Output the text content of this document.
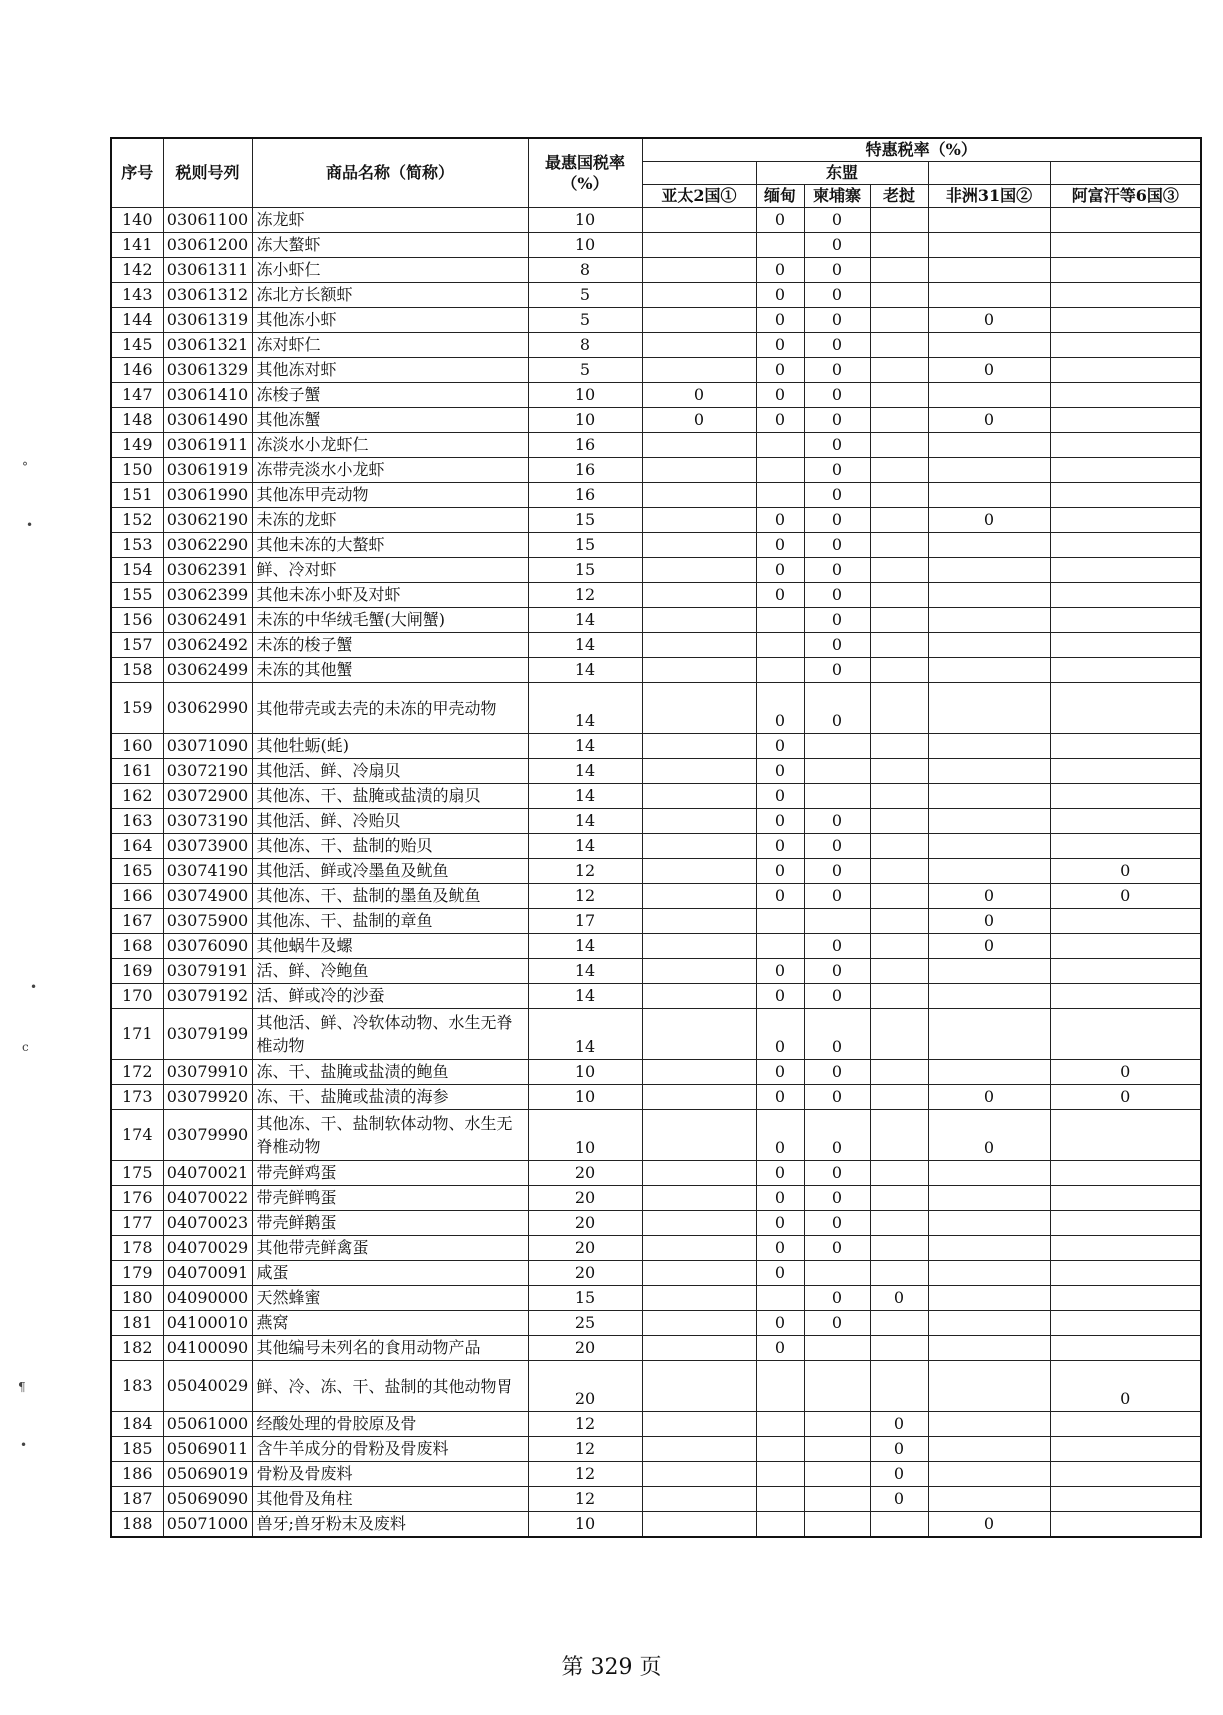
序号	税则号列	商品名称（简称）	最惠国税率（%）	特惠税率（%）					
					东盟				
				亚太2国①	缅甸	柬埔寨	老挝	非洲31国②	阿富汗等6国③
140	03061100	冻龙虾	10		0	0			
141	03061200	冻大螯虾	10			0			
142	03061311	冻小虾仁	8		0	0			
143	03061312	冻北方长额虾	5		0	0			
144	03061319	其他冻小虾	5		0	0		0	
145	03061321	冻对虾仁	8		0	0			
146	03061329	其他冻对虾	5		0	0		0	
147	03061410	冻梭子蟹	10	0	0	0			
148	03061490	其他冻蟹	10	0	0	0		0	
149	03061911	冻淡水小龙虾仁	16			0			
150	03061919	冻带壳淡水小龙虾	16			0			
151	03061990	其他冻甲壳动物	16			0			
152	03062190	未冻的龙虾	15		0	0		0	
153	03062290	其他未冻的大螯虾	15		0	0			
154	03062391	鲜、冷对虾	15		0	0			
155	03062399	其他未冻小虾及对虾	12		0	0			
156	03062491	未冻的中华绒毛蟹(大闸蟹)	14			0			
157	03062492	未冻的梭子蟹	14			0			
158	03062499	未冻的其他蟹	14			0			
159	03062990	其他带壳或去壳的未冻的甲壳动物	14		0	0			
160	03071090	其他牡蛎(蚝)	14		0				
161	03072190	其他活、鲜、冷扇贝	14		0				
162	03072900	其他冻、干、盐腌或盐渍的扇贝	14		0				
163	03073190	其他活、鲜、冷贻贝	14		0	0			
164	03073900	其他冻、干、盐制的贻贝	14		0	0			
165	03074190	其他活、鲜或冷墨鱼及鱿鱼	12		0	0			0
166	03074900	其他冻、干、盐制的墨鱼及鱿鱼	12		0	0		0	0
167	03075900	其他冻、干、盐制的章鱼	17					0	
168	03076090	其他蜗牛及螺	14			0		0	
169	03079191	活、鲜、冷鲍鱼	14		0	0			
170	03079192	活、鲜或冷的沙蚕	14		0	0			
171	03079199	其他活、鲜、冷软体动物、水生无脊椎动物	14		0	0			
172	03079910	冻、干、盐腌或盐渍的鲍鱼	10		0	0			0
173	03079920	冻、干、盐腌或盐渍的海参	10		0	0		0	0
174	03079990	其他冻、干、盐制软体动物、水生无脊椎动物	10		0	0		0	
175	04070021	带壳鲜鸡蛋	20		0	0			
176	04070022	带壳鲜鸭蛋	20		0	0			
177	04070023	带壳鲜鹅蛋	20		0	0			
178	04070029	其他带壳鲜禽蛋	20		0	0			
179	04070091	咸蛋	20		0				
180	04090000	天然蜂蜜	15			0	0		
181	04100010	燕窝	25		0	0			
182	04100090	其他编号未列名的食用动物产品	20		0				
183	05040029	鲜、冷、冻、干、盐制的其他动物胃	20						0
184	05061000	经酸处理的骨胶原及骨	12				0		
185	05069011	含牛羊成分的骨粉及骨废料	12				0		
186	05069019	骨粉及骨废料	12				0		
187	05069090	其他骨及角柱	12				0		
188	05071000	兽牙;兽牙粉末及废料	10					0	
第 329 页
°
•
•
c
¶
•
